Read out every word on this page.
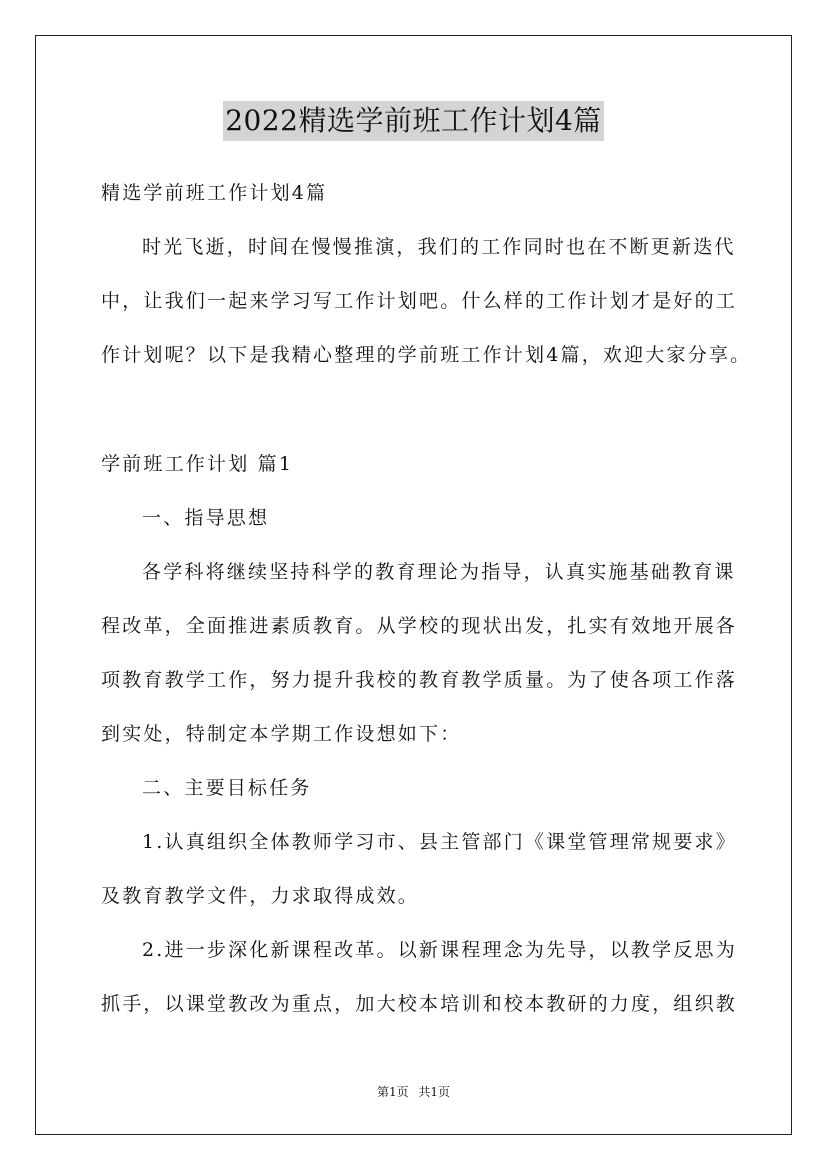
2022精选学前班工作计划4篇
精选学前班工作计划4篇
时光飞逝，时间在慢慢推演，我们的工作同时也在不断更新迭代
中，让我们一起来学习写工作计划吧。什么样的工作计划才是好的工
作计划呢？以下是我精心整理的学前班工作计划4篇，欢迎大家分享。
学前班工作计划 篇1
一、指导思想
各学科将继续坚持科学的教育理论为指导，认真实施基础教育课
程改革，全面推进素质教育。从学校的现状出发，扎实有效地开展各
项教育教学工作，努力提升我校的教育教学质量。为了使各项工作落
到实处，特制定本学期工作设想如下：
二、主要目标任务
1.认真组织全体教师学习市、县主管部门《课堂管理常规要求》
及教育教学文件，力求取得成效。
2.进一步深化新课程改革。以新课程理念为先导，以教学反思为
抓手，以课堂教改为重点，加大校本培训和校本教研的力度，组织教
第1页 共1页
